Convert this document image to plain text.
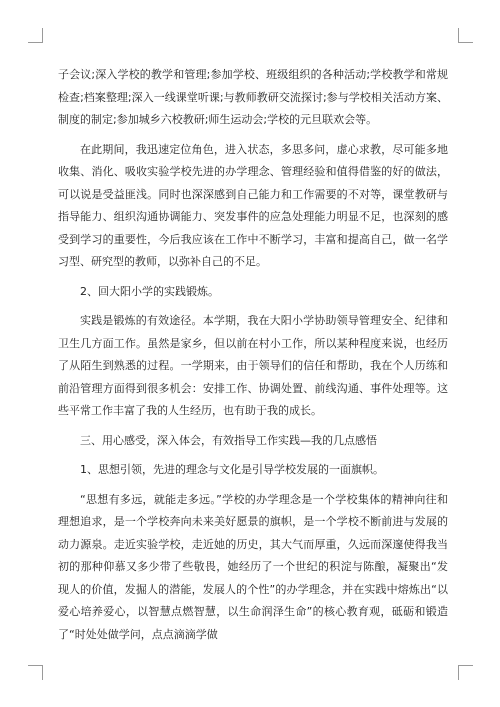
子会议;深入学校的教学和管理;参加学校、班级组织的各种活动;学校教学和常规检查;档案整理;深入一线课堂听课;与教师教研交流探讨;参与学校相关活动方案、制度的制定;参加城乡六校教研;师生运动会;学校的元旦联欢会等。

在此期间，我迅速定位角色，进入状态，多思多问，虚心求教，尽可能多地收集、消化、吸收实验学校先进的办学理念、管理经验和值得借鉴的好的做法，可以说是受益匪浅。同时也深深感到自己能力和工作需要的不对等，课堂教研与指导能力、组织沟通协调能力、突发事件的应急处理能力明显不足，也深刻的感受到学习的重要性，今后我应该在工作中不断学习，丰富和提高自己，做一名学习型、研究型的教师，以弥补自己的不足。

2、回大阳小学的实践锻炼。

实践是锻炼的有效途径。本学期，我在大阳小学协助领导管理安全、纪律和卫生几方面工作。虽然是家乡，但以前在村小工作，所以某种程度来说，也经历了从陌生到熟悉的过程。一学期来，由于领导们的信任和帮助，我在个人历练和前沿管理方面得到很多机会：安排工作、协调处置、前线沟通、事件处理等。这些平常工作丰富了我的人生经历，也有助于我的成长。

三、用心感受，深入体会，有效指导工作实践—我的几点感悟

1、思想引领，先进的理念与文化是引导学校发展的一面旗帜。

“思想有多远，就能走多远。”学校的办学理念是一个学校集体的精神向往和理想追求，是一个学校奔向未来美好愿景的旗帜，是一个学校不断前进与发展的动力源泉。走近实验学校，走近她的历史，其大气而厚重，久远而深邃使得我当初的那种仰慕又多少带了些敬畏，她经历了一个世纪的积淀与陈酿，凝聚出“发现人的价值，发掘人的潜能，发展人的个性”的办学理念，并在实践中熔炼出“以爱心培养爱心，以智慧点燃智慧，以生命润泽生命”的核心教育观，砥砺和锻造了“时处处做学问，点点滴滴学做
